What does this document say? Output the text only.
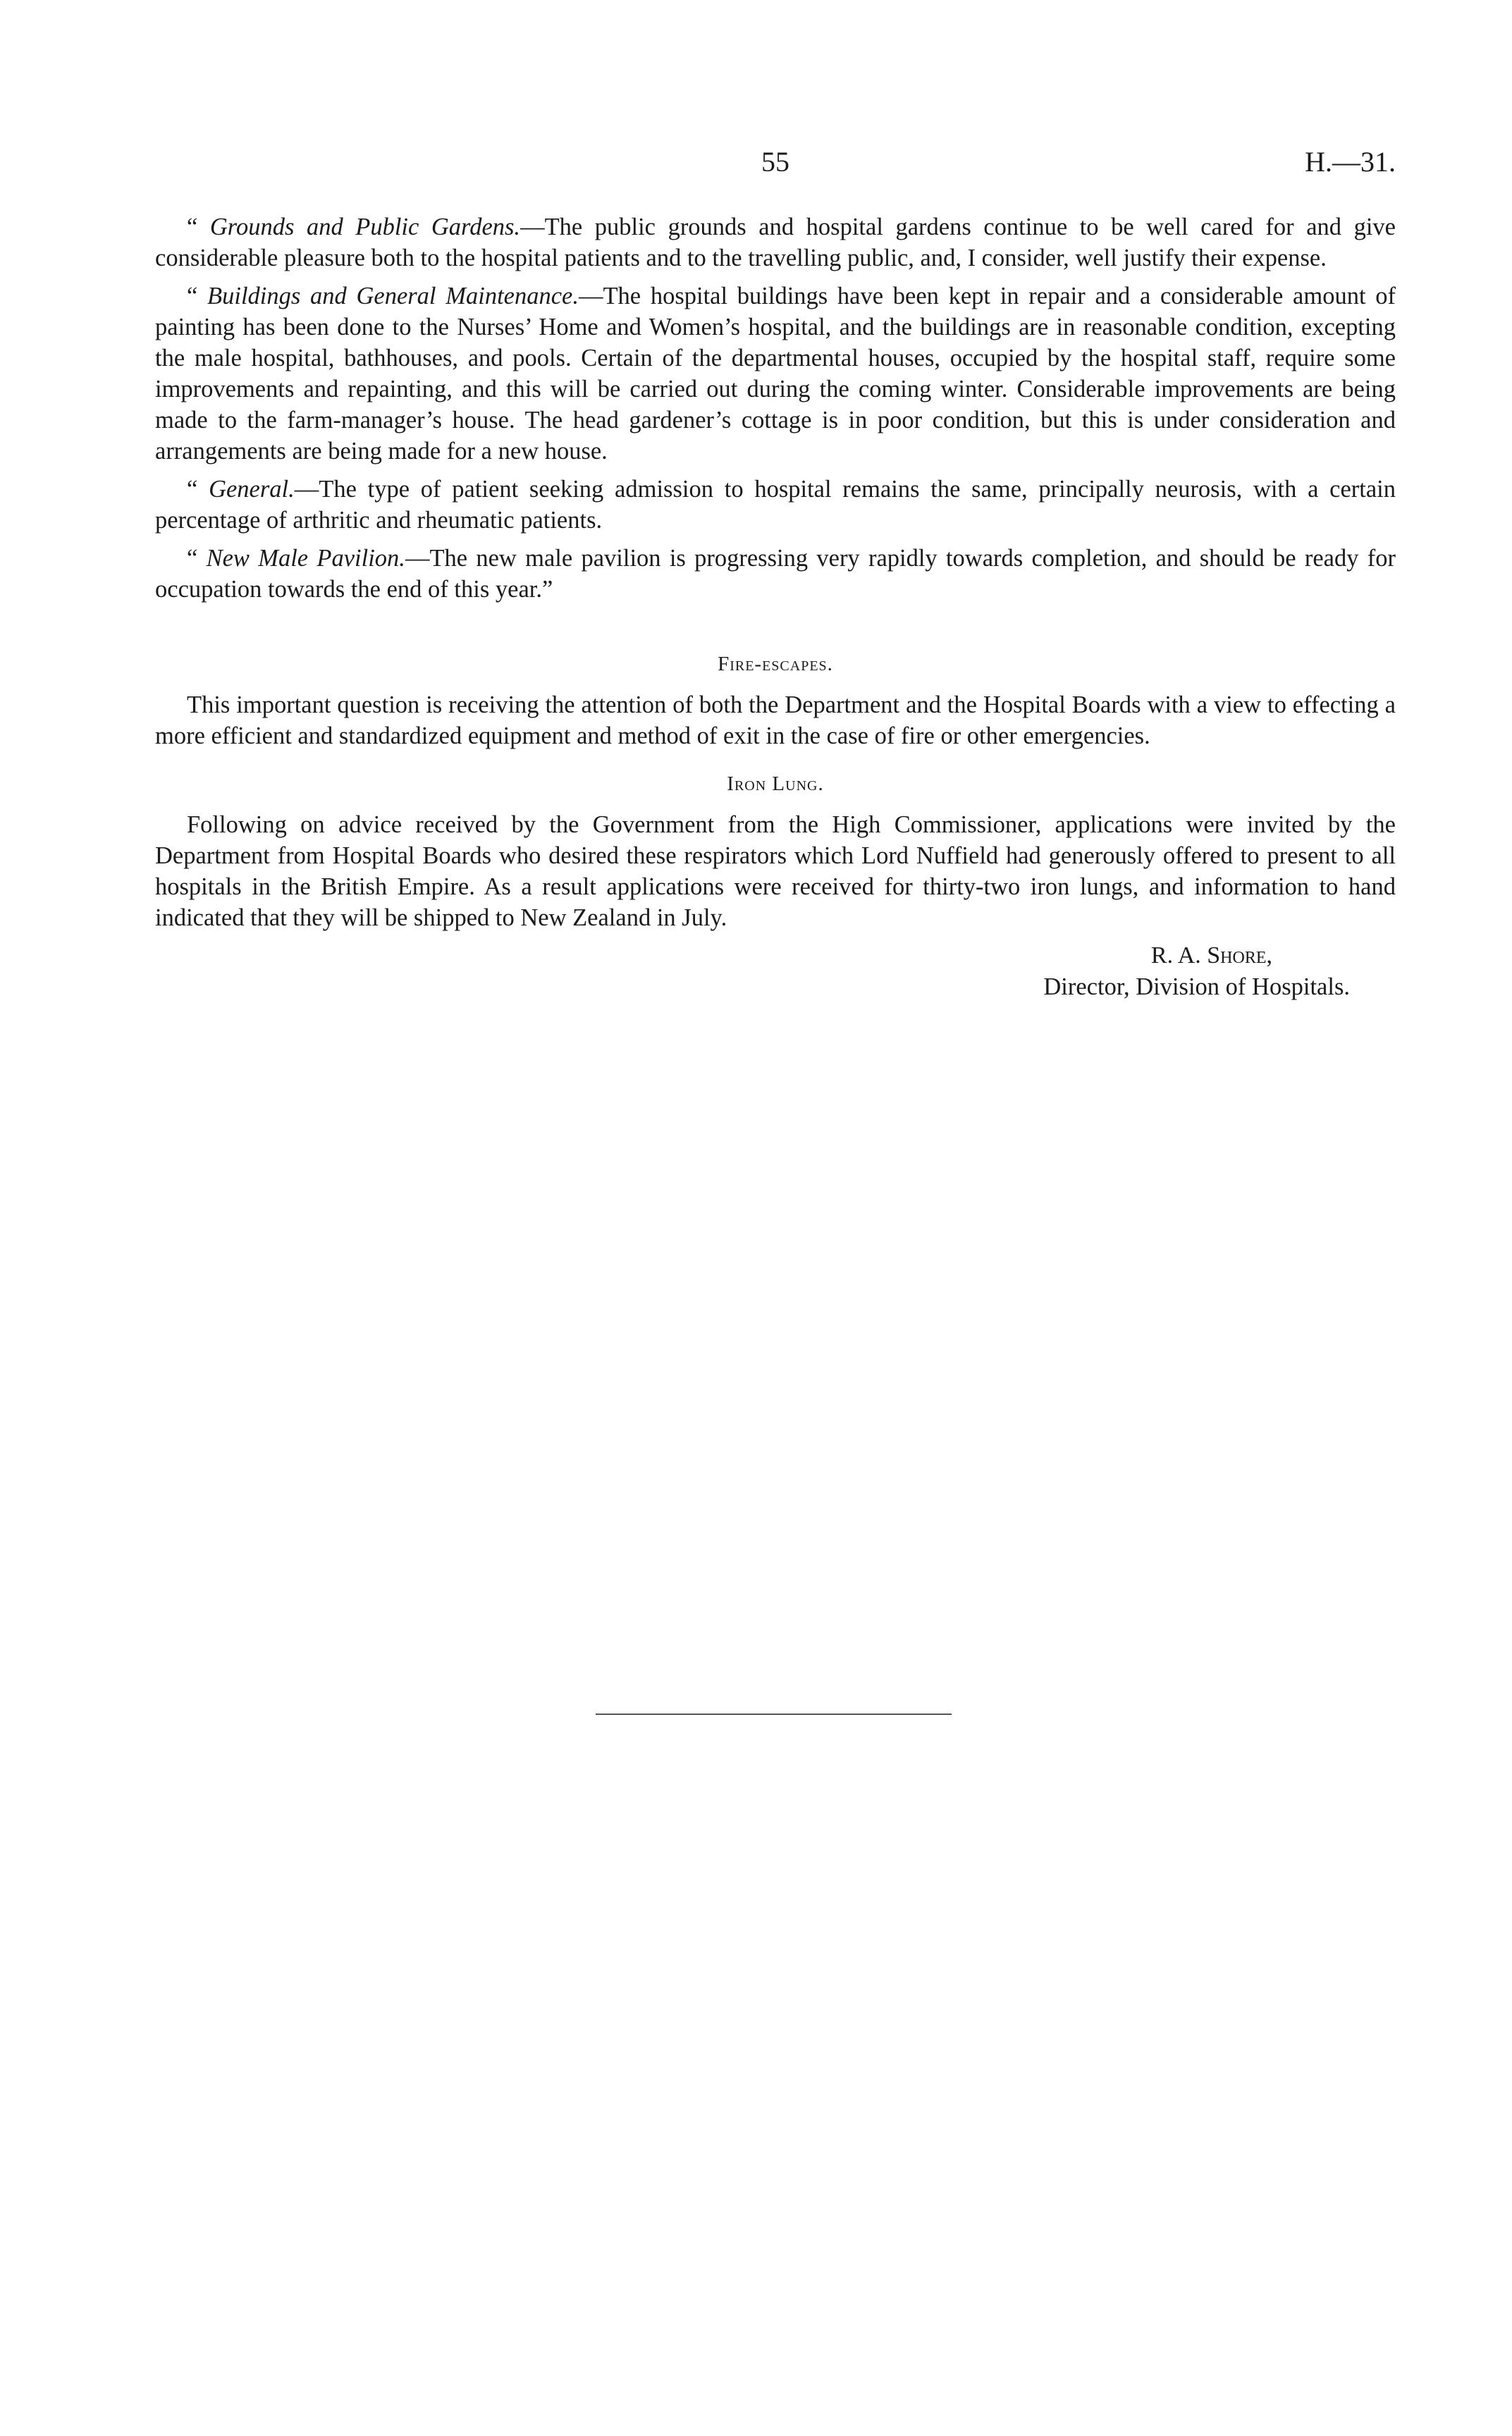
55	H.—31.

“ Grounds and Public Gardens.—The public grounds and hospital gardens continue to be well cared for and give considerable pleasure both to the hospital patients and to the travelling public, and, I consider, well justify their expense.

“ Buildings and General Maintenance.—The hospital buildings have been kept in repair and a considerable amount of painting has been done to the Nurses’ Home and Women’s hospital, and the buildings are in reasonable condition, excepting the male hospital, bathhouses, and pools. Certain of the departmental houses, occupied by the hospital staff, require some improvements and repainting, and this will be carried out during the coming winter. Considerable improvements are being made to the farm-manager’s house. The head gardener’s cottage is in poor condition, but this is under consideration and arrangements are being made for a new house.

“ General.—The type of patient seeking admission to hospital remains the same, principally neurosis, with a certain percentage of arthritic and rheumatic patients.

“ New Male Pavilion.—The new male pavilion is progressing very rapidly towards completion, and should be ready for occupation towards the end of this year.”

Fire-escapes.

This important question is receiving the attention of both the Department and the Hospital Boards with a view to effecting a more efficient and standardized equipment and method of exit in the case of fire or other emergencies.

Iron Lung.

Following on advice received by the Government from the High Commissioner, applications were invited by the Department from Hospital Boards who desired these respirators which Lord Nuffield had generously offered to present to all hospitals in the British Empire. As a result applications were received for thirty-two iron lungs, and information to hand indicated that they will be shipped to New Zealand in July.

R. A. Shore,
Director, Division of Hospitals.
